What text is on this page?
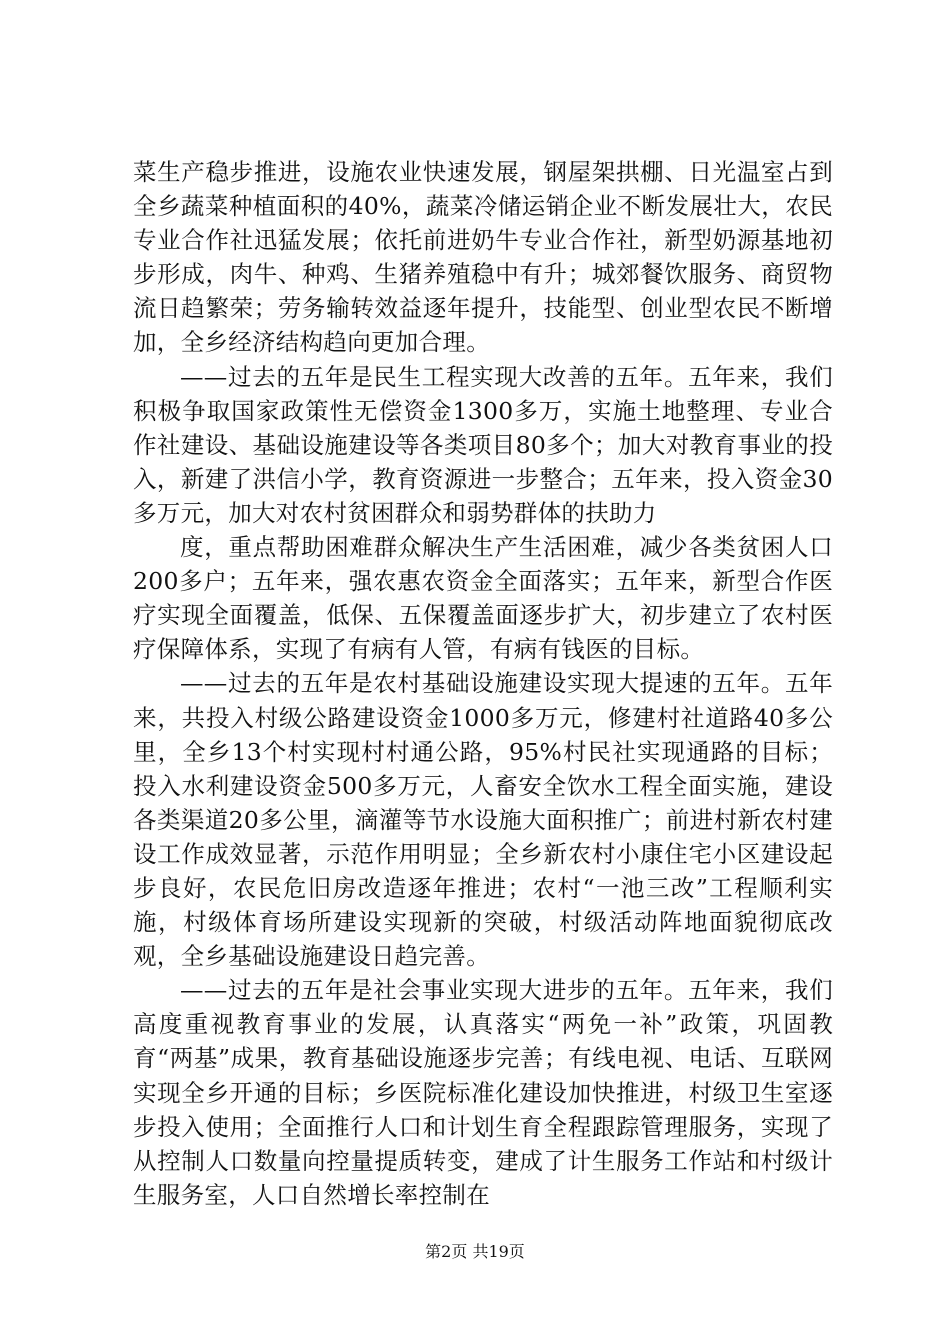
菜生产稳步推进，设施农业快速发展，钢屋架拱棚、日光温室占到全乡蔬菜种植面积的40%，蔬菜冷储运销企业不断发展壮大，农民专业合作社迅猛发展；依托前进奶牛专业合作社，新型奶源基地初步形成，肉牛、种鸡、生猪养殖稳中有升；城郊餐饮服务、商贸物流日趋繁荣；劳务输转效益逐年提升，技能型、创业型农民不断增加，全乡经济结构趋向更加合理。

——过去的五年是民生工程实现大改善的五年。五年来，我们积极争取国家政策性无偿资金1300多万，实施土地整理、专业合作社建设、基础设施建设等各类项目80多个；加大对教育事业的投入，新建了洪信小学，教育资源进一步整合；五年来，投入资金30多万元，加大对农村贫困群众和弱势群体的扶助力

度，重点帮助困难群众解决生产生活困难，减少各类贫困人口200多户；五年来，强农惠农资金全面落实；五年来，新型合作医疗实现全面覆盖，低保、五保覆盖面逐步扩大，初步建立了农村医疗保障体系，实现了有病有人管，有病有钱医的目标。

——过去的五年是农村基础设施建设实现大提速的五年。五年来，共投入村级公路建设资金1000多万元，修建村社道路40多公里，全乡13个村实现村村通公路，95%村民社实现通路的目标；投入水利建设资金500多万元，人畜安全饮水工程全面实施，建设各类渠道20多公里，滴灌等节水设施大面积推广；前进村新农村建设工作成效显著，示范作用明显；全乡新农村小康住宅小区建设起步良好，农民危旧房改造逐年推进；农村“一池三改”工程顺利实施，村级体育场所建设实现新的突破，村级活动阵地面貌彻底改观，全乡基础设施建设日趋完善。

——过去的五年是社会事业实现大进步的五年。五年来，我们高度重视教育事业的发展，认真落实“两免一补”政策，巩固教育“两基”成果，教育基础设施逐步完善；有线电视、电话、互联网实现全乡开通的目标；乡医院标准化建设加快推进，村级卫生室逐步投入使用；全面推行人口和计划生育全程跟踪管理服务，实现了从控制人口数量向控量提质转变，建成了计生服务工作站和村级计生服务室，人口自然增长率控制在

第2页 共19页
